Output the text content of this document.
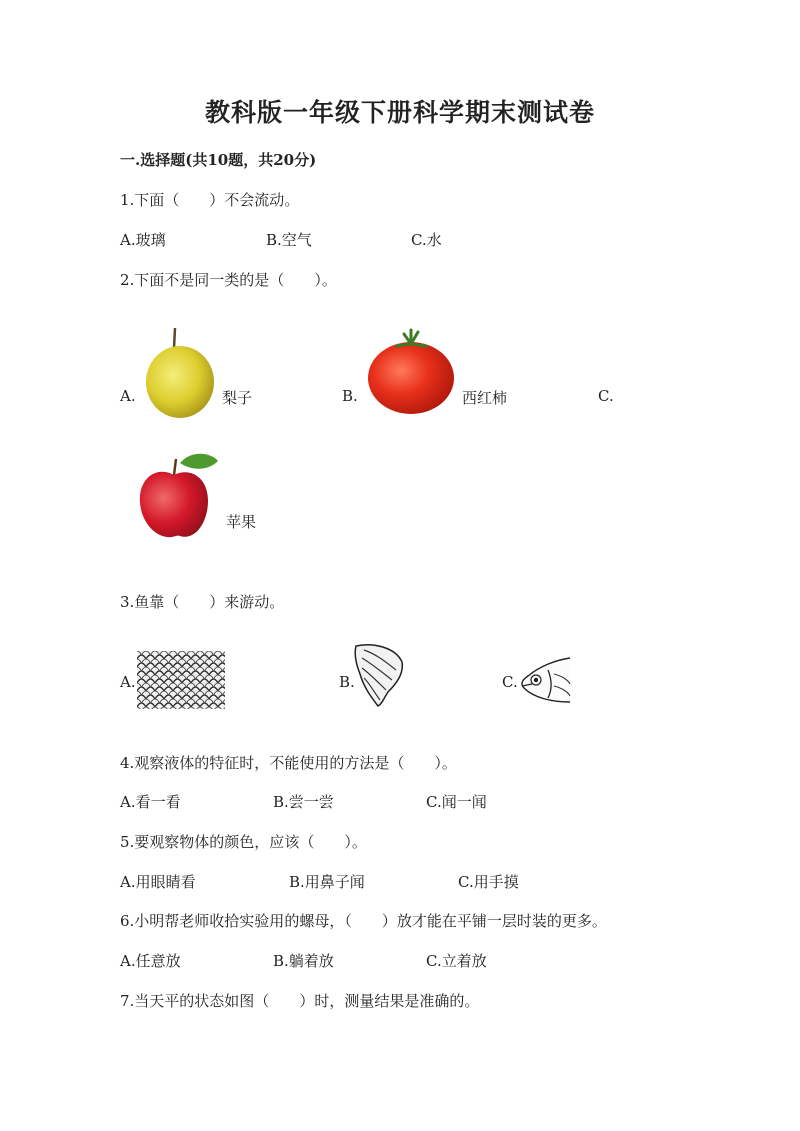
教科版一年级下册科学期末测试卷
一.选择题(共10题，共20分)
1.下面（　　）不会流动。
A.玻璃	B.空气	C.水
2.下面不是同一类的是（　　）。
A.	梨子	B.	西红柿	C.
苹果
3.鱼靠（　　）来游动。
A.	B.	C.
4.观察液体的特征时，不能使用的方法是（　　）。
A.看一看	B.尝一尝	C.闻一闻
5.要观察物体的颜色，应该（　　）。
A.用眼睛看	B.用鼻子闻	C.用手摸
6.小明帮老师收拾实验用的螺母，（　　）放才能在平铺一层时装的更多。
A.任意放	B.躺着放	C.立着放
7.当天平的状态如图（　　）时，测量结果是准确的。
